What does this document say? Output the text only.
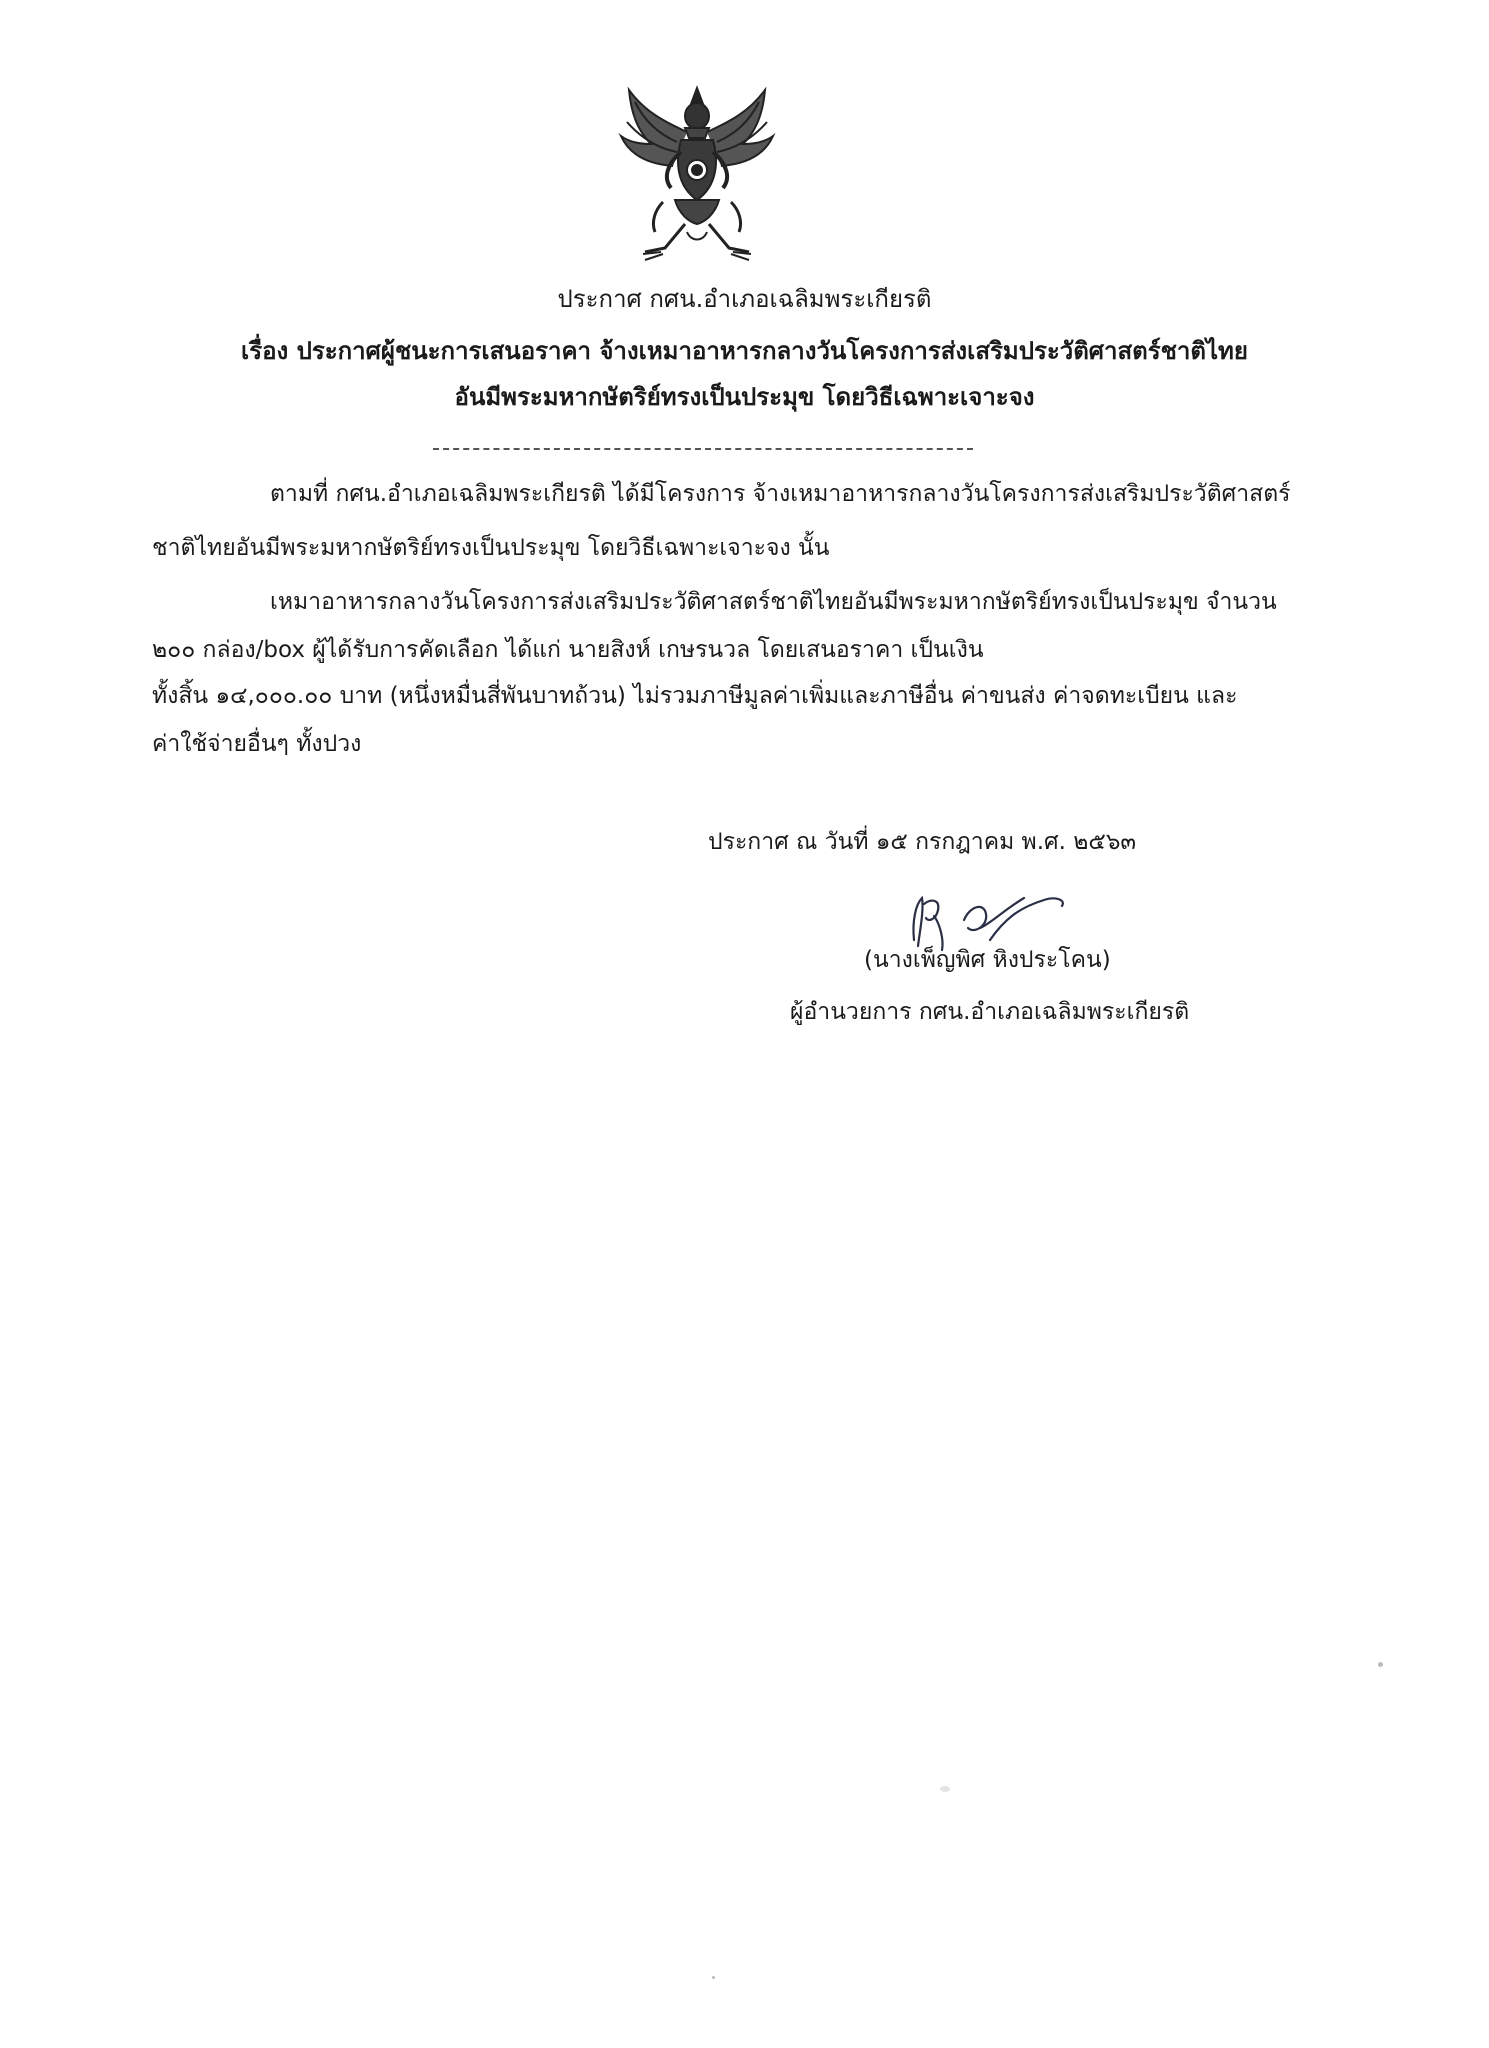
ประกาศ กศน.อำเภอเฉลิมพระเกียรติ
เรื่อง ประกาศผู้ชนะการเสนอราคา จ้างเหมาอาหารกลางวันโครงการส่งเสริมประวัติศาสตร์ชาติไทย
อันมีพระมหากษัตริย์ทรงเป็นประมุข โดยวิธีเฉพาะเจาะจง
ตามที่ กศน.อำเภอเฉลิมพระเกียรติ ได้มีโครงการ จ้างเหมาอาหารกลางวันโครงการส่งเสริมประวัติศาสตร์
ชาติไทยอันมีพระมหากษัตริย์ทรงเป็นประมุข โดยวิธีเฉพาะเจาะจง นั้น
เหมาอาหารกลางวันโครงการส่งเสริมประวัติศาสตร์ชาติไทยอันมีพระมหากษัตริย์ทรงเป็นประมุข จำนวน
๒๐๐ กล่อง/box ผู้ได้รับการคัดเลือก ได้แก่ นายสิงห์ เกษรนวล โดยเสนอราคา เป็นเงิน
ทั้งสิ้น ๑๔,๐๐๐.๐๐ บาท (หนึ่งหมื่นสี่พันบาทถ้วน) ไม่รวมภาษีมูลค่าเพิ่มและภาษีอื่น ค่าขนส่ง ค่าจดทะเบียน และ
ค่าใช้จ่ายอื่นๆ ทั้งปวง
ประกาศ ณ วันที่ ๑๕ กรกฎาคม พ.ศ. ๒๕๖๓
(นางเพ็ญพิศ หิงประโคน)
ผู้อำนวยการ กศน.อำเภอเฉลิมพระเกียรติ
